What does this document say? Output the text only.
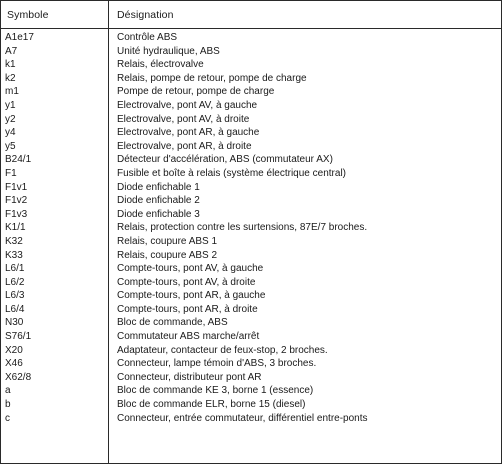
Symbole	Désignation
A1e17	Contrôle ABS
A7	Unité hydraulique, ABS
k1	Relais, électrovalve
k2	Relais, pompe de retour, pompe de charge
m1	Pompe de retour, pompe de charge
y1	Electrovalve, pont AV, à gauche
y2	Electrovalve, pont AV, à droite
y4	Electrovalve, pont AR, à gauche
y5	Electrovalve, pont AR, à droite
B24/1	Détecteur d'accélération, ABS (commutateur AX)
F1	Fusible et boîte à relais (système électrique central)
F1v1	Diode enfichable 1
F1v2	Diode enfichable 2
F1v3	Diode enfichable 3
K1/1	Relais, protection contre les surtensions, 87E/7 broches.
K32	Relais, coupure ABS 1
K33	Relais, coupure ABS 2
L6/1	Compte-tours, pont AV, à gauche
L6/2	Compte-tours, pont AV, à droite
L6/3	Compte-tours, pont AR, à gauche
L6/4	Compte-tours, pont AR, à droite
N30	Bloc de commande, ABS
S76/1	Commutateur ABS marche/arrêt
X20	Adaptateur, contacteur de feux-stop, 2 broches.
X46	Connecteur, lampe témoin d'ABS, 3 broches.
X62/8	Connecteur, distributeur pont AR
a	Bloc de commande KE 3, borne 1 (essence)
b	Bloc de commande ELR, borne 15 (diesel)
c	Connecteur, entrée commutateur, différentiel entre-ponts
